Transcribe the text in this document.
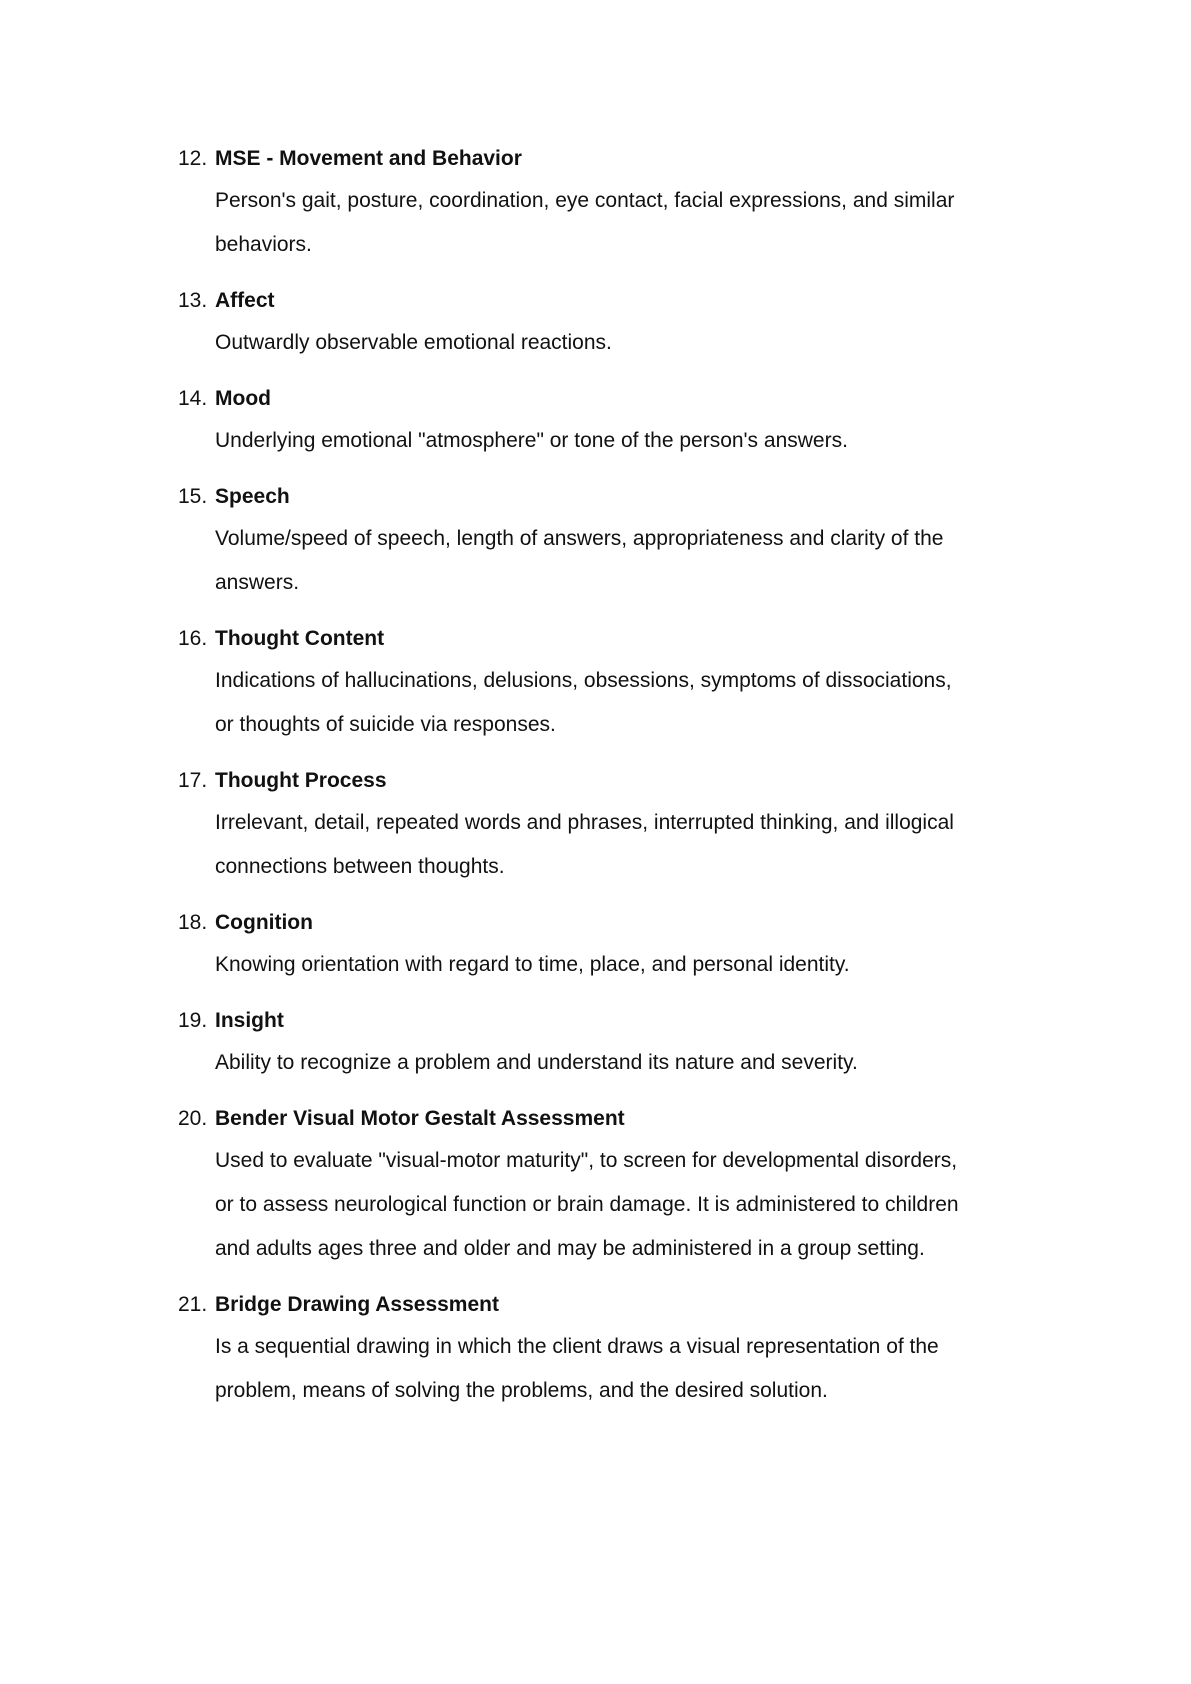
12. MSE - Movement and Behavior
Person's gait, posture, coordination, eye contact, facial expressions, and similar
behaviors.
13. Affect
Outwardly observable emotional reactions.
14. Mood
Underlying emotional "atmosphere" or tone of the person's answers.
15. Speech
Volume/speed of speech, length of answers, appropriateness and clarity of the
answers.
16. Thought Content
Indications of hallucinations, delusions, obsessions, symptoms of dissociations,
or thoughts of suicide via responses.
17. Thought Process
Irrelevant, detail, repeated words and phrases, interrupted thinking, and illogical
connections between thoughts.
18. Cognition
Knowing orientation with regard to time, place, and personal identity.
19. Insight
Ability to recognize a problem and understand its nature and severity.
20. Bender Visual Motor Gestalt Assessment
Used to evaluate "visual-motor maturity", to screen for developmental disorders,
or to assess neurological function or brain damage. It is administered to children
and adults ages three and older and may be administered in a group setting.
21. Bridge Drawing Assessment
Is a sequential drawing in which the client draws a visual representation of the
problem, means of solving the problems, and the desired solution.
